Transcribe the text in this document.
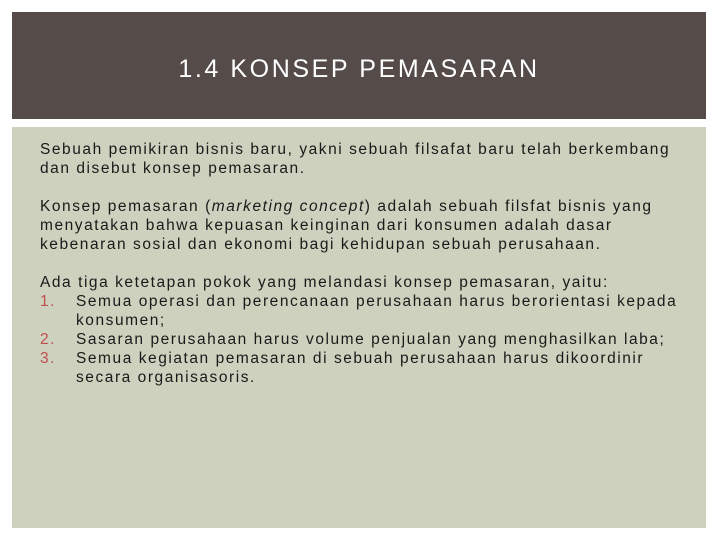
1.4 KONSEP PEMASARAN

Sebuah pemikiran bisnis baru, yakni sebuah filsafat baru telah berkembang dan disebut konsep pemasaran.

Konsep pemasaran (marketing concept) adalah sebuah filsfat bisnis yang menyatakan bahwa kepuasan keinginan dari konsumen adalah dasar kebenaran sosial dan ekonomi bagi kehidupan sebuah perusahaan.

Ada tiga ketetapan pokok yang melandasi konsep pemasaran, yaitu:

1.	Semua operasi dan perencanaan perusahaan harus berorientasi kepada konsumen;
2.	Sasaran perusahaan harus volume penjualan yang menghasilkan laba;
3.	Semua kegiatan pemasaran di sebuah perusahaan harus dikoordinir secara organisasoris.
